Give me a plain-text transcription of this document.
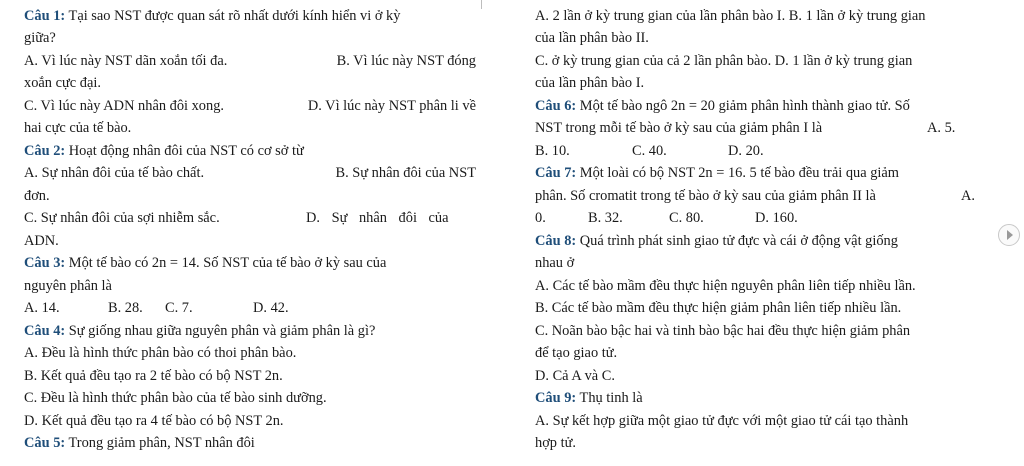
Câu 1: Tại sao NST được quan sát rõ nhất dưới kính hiển vi ở kỳ
giữa?
A. Vì lúc này NST dãn xoắn tối đa.	B. Vì lúc này NST đóng
xoắn cực đại.
C. Vì lúc này ADN nhân đôi xong.	D. Vì lúc này NST phân li về
hai cực của tế bào.
Câu 2: Hoạt động nhân đôi của NST có cơ sở từ
A. Sự nhân đôi của tế bào chất.	B. Sự nhân đôi của NST
đơn.
C. Sự nhân đôi của sợi nhiễm sắc.	D. Sự nhân đôi của
ADN.
Câu 3: Một tế bào có 2n = 14. Số NST của tế bào ở kỳ sau của
nguyên phân là
A. 14.	B. 28. C. 7.	D. 42.
Câu 4: Sự giống nhau giữa nguyên phân và giảm phân là gì?
A. Đều là hình thức phân bào có thoi phân bào.
B. Kết quả đều tạo ra 2 tế bào có bộ NST 2n.
C. Đều là hình thức phân bào của tế bào sinh dưỡng.
D. Kết quả đều tạo ra 4 tế bào có bộ NST 2n.
Câu 5: Trong giảm phân, NST nhân đôi
A. 2 lần ở kỳ trung gian của lần phân bào I. B. 1 lần ở kỳ trung gian
của lần phân bào II.
C. ở kỳ trung gian của cả 2 lần phân bào. D. 1 lần ở kỳ trung gian
của lần phân bào I.
Câu 6: Một tế bào ngô 2n = 20 giảm phân hình thành giao tử. Số
NST trong mỗi tế bào ở kỳ sau của giảm phân I là	A. 5.
B. 10.	C. 40.	D. 20.
Câu 7: Một loài có bộ NST 2n = 16. 5 tế bào đều trải qua giảm
phân. Số cromatit trong tế bào ở kỳ sau của giảm phân II là	A.
0.	B. 32.	C. 80.	D. 160.
Câu 8: Quá trình phát sinh giao tử đực và cái ở động vật giống
nhau ở
A. Các tế bào mầm đều thực hiện nguyên phân liên tiếp nhiều lần.
B. Các tế bào mầm đều thực hiện giảm phân liên tiếp nhiều lần.
C. Noãn bào bậc hai và tinh bào bậc hai đều thực hiện giảm phân
để tạo giao tử.
D. Cả A và C.
Câu 9: Thụ tinh là
A. Sự kết hợp giữa một giao tử đực với một giao tử cái tạo thành
hợp tử.
